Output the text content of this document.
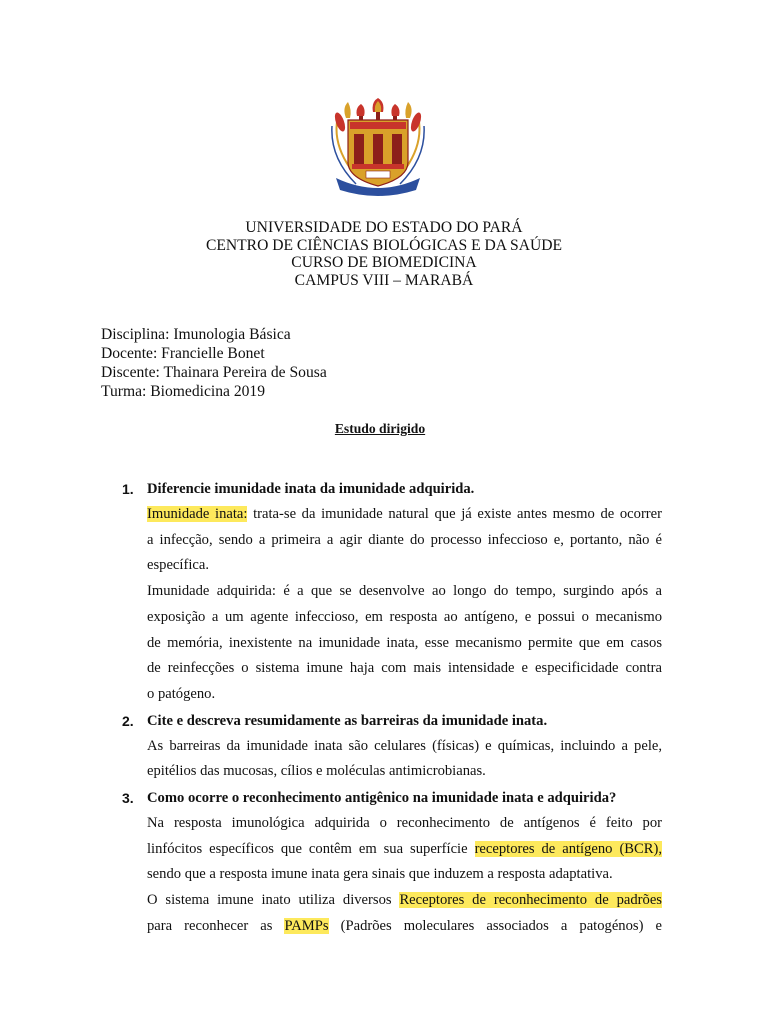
UNIVERSIDADE DO ESTADO DO PARÁ
CENTRO DE CIÊNCIAS BIOLÓGICAS E DA SAÚDE
CURSO DE BIOMEDICINA
CAMPUS VIII – MARABÁ
Disciplina: Imunologia Básica
Docente: Francielle Bonet
Discente: Thainara Pereira de Sousa
Turma: Biomedicina 2019
Estudo dirigido
1. Diferencie imunidade inata da imunidade adquirida.
Imunidade inata: trata-se da imunidade natural que já existe antes mesmo de ocorrer
a infecção, sendo a primeira a agir diante do processo infeccioso e, portanto, não é
específica.
Imunidade adquirida: é a que se desenvolve ao longo do tempo, surgindo após a
exposição a um agente infeccioso, em resposta ao antígeno, e possui o mecanismo
de memória, inexistente na imunidade inata, esse mecanismo permite que em casos
de reinfecções o sistema imune haja com mais intensidade e especificidade contra
o patógeno.
2. Cite e descreva resumidamente as barreiras da imunidade inata.
As barreiras da imunidade inata são celulares (físicas) e químicas, incluindo a pele,
epitélios das mucosas, cílios e moléculas antimicrobianas.
3. Como ocorre o reconhecimento antigênico na imunidade inata e adquirida?
Na resposta imunológica adquirida o reconhecimento de antígenos é feito por
linfócitos específicos que contêm em sua superfície receptores de antígeno (BCR),
sendo que a resposta imune inata gera sinais que induzem a resposta adaptativa.
O sistema imune inato utiliza diversos Receptores de reconhecimento de padrões
para reconhecer as PAMPs (Padrões moleculares associados a patogénos) e
